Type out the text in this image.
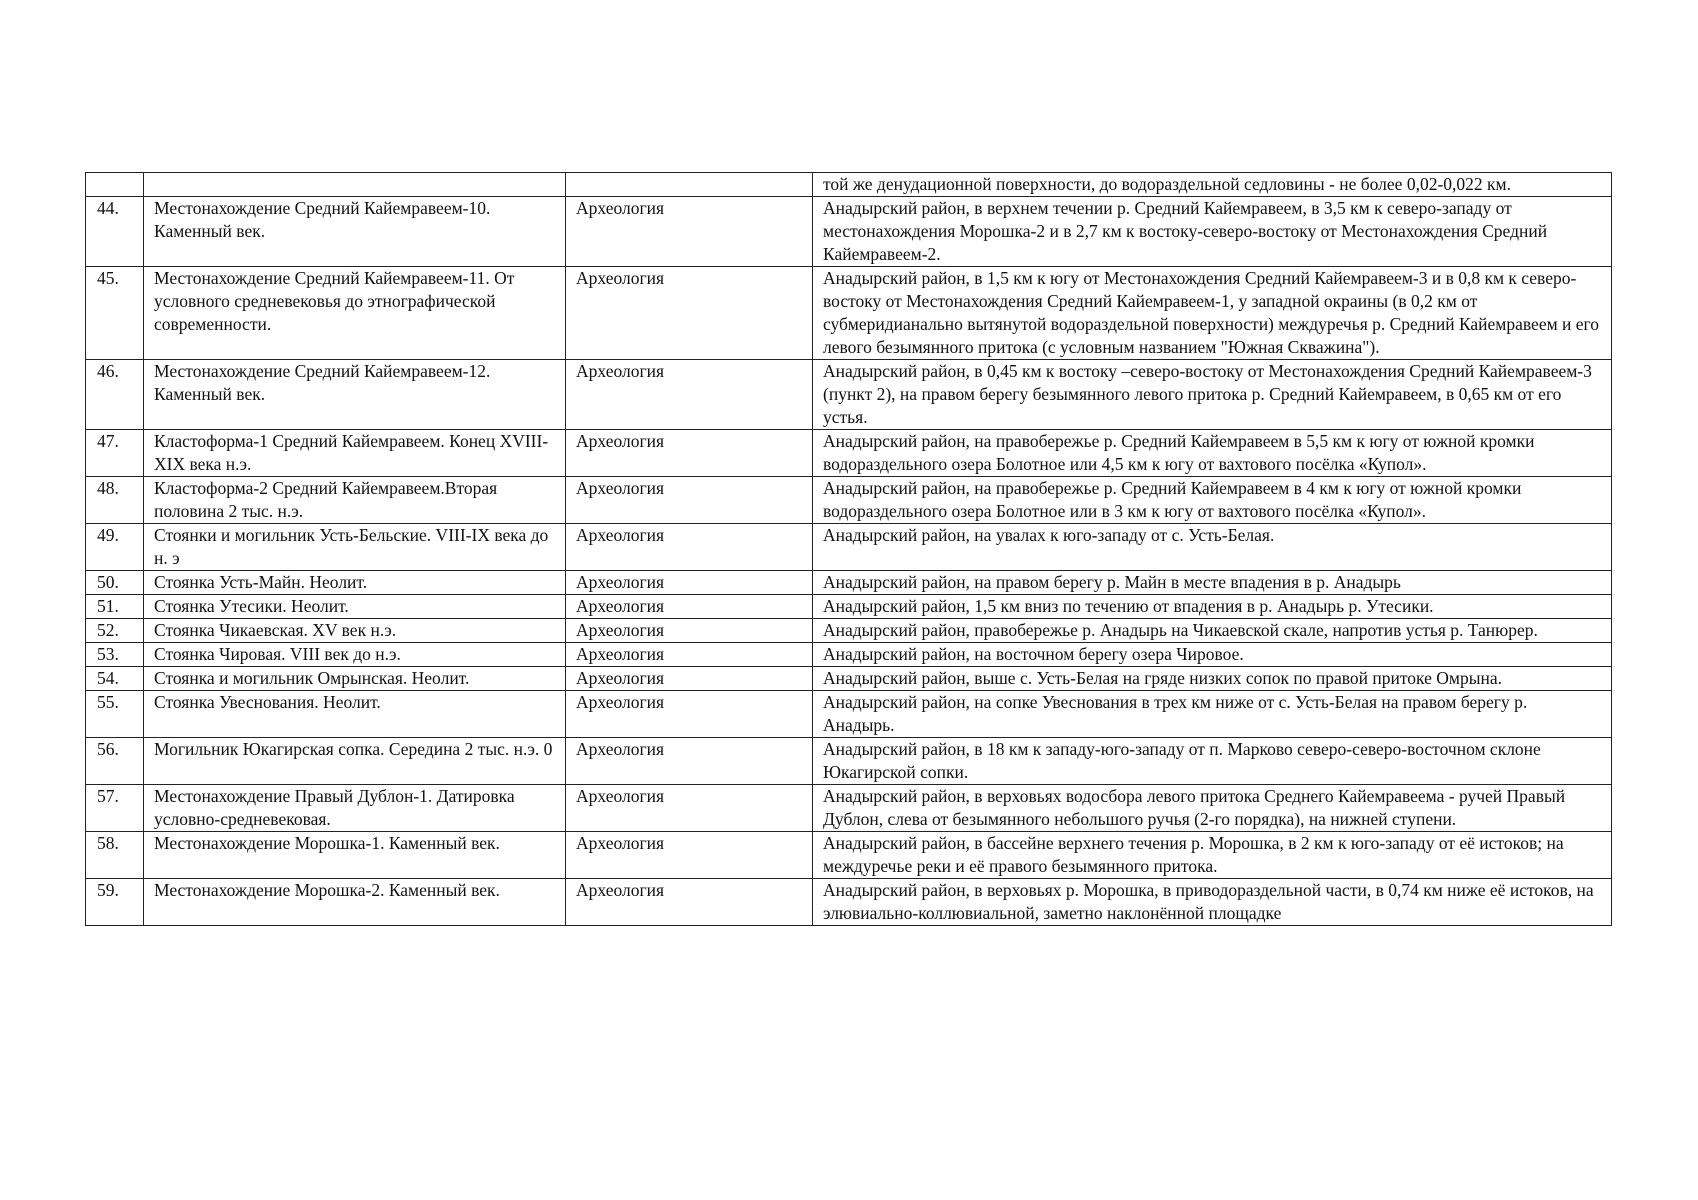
			той же денудационной поверхности, до водораздельной седловины - не более 0,02-0,022 км.
44.	Местонахождение Средний Кайемравеем-10. Каменный век.	Археология	Анадырский район, в верхнем течении р. Средний Кайемравеем, в 3,5 км к северо-западу от местонахождения Морошка-2 и в 2,7 км к востоку-северо-востоку от Местонахождения Средний Кайемравеем-2.
45.	Местонахождение Средний Кайемравеем-11. От условного средневековья до этнографической современности.	Археология	Анадырский район, в 1,5 км к югу от Местонахождения Средний Кайемравеем-3 и в 0,8 км к северо-востоку от Местонахождения Средний Кайемравеем-1, у западной окраины (в 0,2 км от субмеридианально вытянутой водораздельной поверхности) междуречья р. Средний Кайемравеем и его левого безымянного притока (с условным названием "Южная Скважина").
46.	Местонахождение Средний Кайемравеем-12. Каменный век.	Археология	Анадырский район, в 0,45 км к востоку –северо-востоку от Местонахождения Средний Кайемравеем-3 (пункт 2), на правом берегу безымянного левого притока р. Средний Кайемравеем, в 0,65 км от его устья.
47.	Кластоформа-1 Средний Кайемравеем. Конец XVIII-XIX века н.э.	Археология	Анадырский район, на правобережье р. Средний Кайемравеем в 5,5 км к югу от южной кромки водораздельного озера Болотное или 4,5 км к югу от вахтового посёлка «Купол».
48.	Кластоформа-2 Средний Кайемравеем.Вторая половина 2 тыс. н.э.	Археология	Анадырский район, на правобережье р. Средний Кайемравеем в 4 км к югу от южной кромки водораздельного озера Болотное или в 3 км к югу от вахтового посёлка «Купол».
49.	Стоянки и могильник Усть-Бельские. VIII-IX века до н. э	Археология	Анадырский район, на увалах к юго-западу от с. Усть-Белая.
50.	Стоянка Усть-Майн. Неолит.	Археология	Анадырский район, на правом берегу р. Майн в месте впадения в р. Анадырь
51.	Стоянка Утесики. Неолит.	Археология	Анадырский район, 1,5 км вниз по течению от впадения в р. Анадырь р. Утесики.
52.	Стоянка Чикаевская. XV век н.э.	Археология	Анадырский район, правобережье р. Анадырь на Чикаевской скале, напротив устья р. Танюрер.
53.	Стоянка Чировая. VIII век до н.э.	Археология	Анадырский район, на восточном берегу озера Чировое.
54.	Стоянка и могильник Омрынская. Неолит.	Археология	Анадырский район, выше с. Усть-Белая на гряде низких сопок по правой притоке Омрына.
55.	Стоянка Увеснования. Неолит.	Археология	Анадырский район, на сопке Увеснования в трех км ниже от с. Усть-Белая на правом берегу р. Анадырь.
56.	Могильник Юкагирская сопка. Середина 2 тыс. н.э. 0	Археология	Анадырский район, в 18 км к западу-юго-западу от п. Марково северо-северо-восточном склоне Юкагирской сопки.
57.	Местонахождение Правый Дублон-1. Датировка условно-средневековая.	Археология	Анадырский район, в верховьях водосбора левого притока Среднего Кайемравеема - ручей Правый Дублон, слева от безымянного небольшого ручья (2-го порядка), на нижней ступени.
58.	Местонахождение Морошка-1. Каменный век.	Археология	Анадырский район, в бассейне верхнего течения р. Морошка, в 2 км к юго-западу от её истоков; на междуречье реки и её правого безымянного притока.
59.	Местонахождение Морошка-2. Каменный век.	Археология	Анадырский район, в верховьях р. Морошка, в приводораздельной части, в 0,74 км ниже её истоков, на элювиально-коллювиальной, заметно наклонённой площадке
